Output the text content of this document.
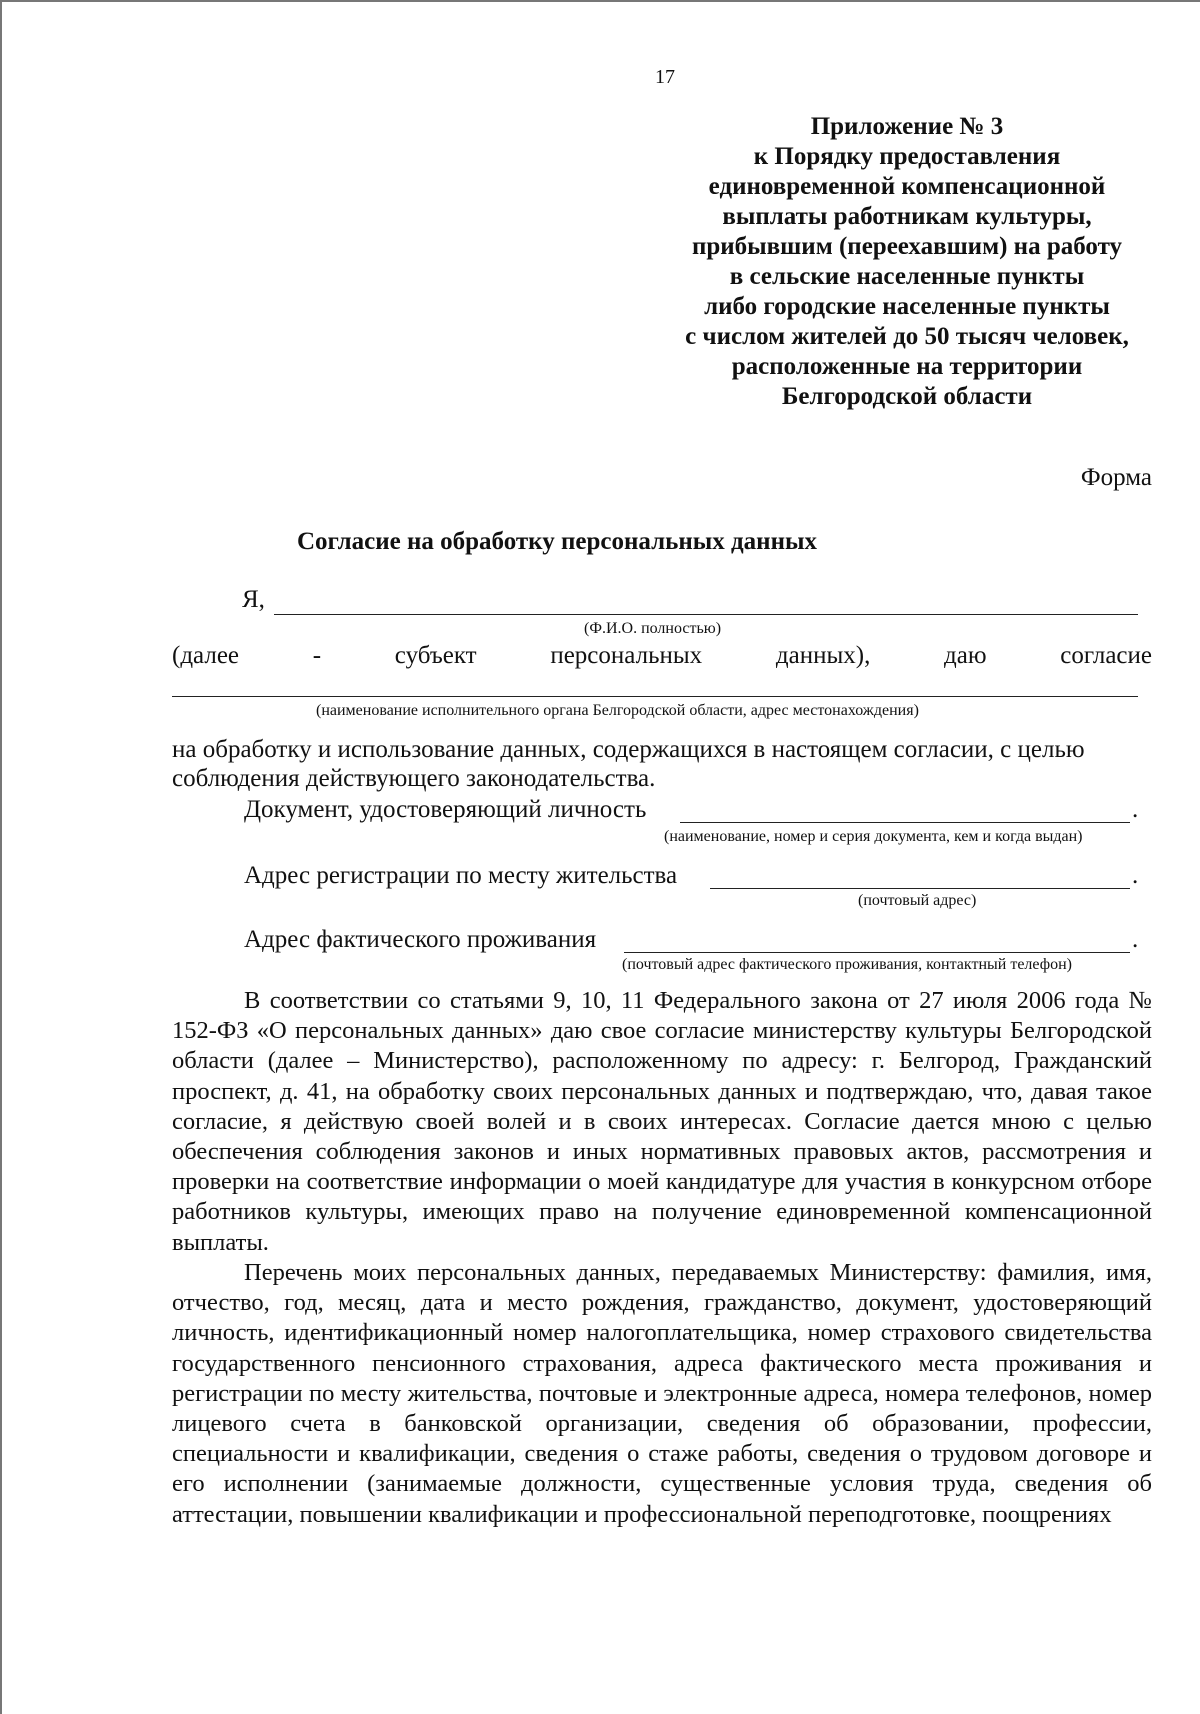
17
Приложение № 3
к Порядку предоставления
единовременной компенсационной
выплаты работникам культуры,
прибывшим (переехавшим) на работу
в сельские населенные пункты
либо городские населенные пункты
с числом жителей до 50 тысяч человек,
расположенные на территории
Белгородской области
Форма
Согласие на обработку персональных данных
Я,
(Ф.И.О. полностью)
(далее	-	субъект	персональных	данных),	даю	согласие
(наименование исполнительного органа Белгородской области, адрес местонахождения)
на обработку и использование данных, содержащихся в настоящем согласии, с целью
соблюдения действующего законодательства.
Документ, удостоверяющий личность	.
(наименование, номер и серия документа, кем и когда выдан)
Адрес регистрации по месту жительства	.
(почтовый адрес)
Адрес фактического проживания	.
(почтовый адрес фактического проживания, контактный телефон)
В соответствии со статьями 9, 10, 11 Федерального закона от 27 июля 2006 года № 152-ФЗ «О персональных данных» даю свое согласие министерству культуры Белгородской области (далее – Министерство), расположенному по адресу: г. Белгород, Гражданский проспект, д. 41, на обработку своих персональных данных и подтверждаю, что, давая такое согласие, я действую своей волей и в своих интересах. Согласие дается мною с целью обеспечения соблюдения законов и иных нормативных правовых актов, рассмотрения и проверки на соответствие информации о моей кандидатуре для участия в конкурсном отборе работников культуры, имеющих право на получение единовременной компенсационной выплаты.
Перечень моих персональных данных, передаваемых Министерству: фамилия, имя, отчество, год, месяц, дата и место рождения, гражданство, документ, удостоверяющий личность, идентификационный номер налогоплательщика, номер страхового свидетельства государственного пенсионного страхования, адреса фактического места проживания и регистрации по месту жительства, почтовые и электронные адреса, номера телефонов, номер лицевого счета в банковской организации, сведения об образовании, профессии, специальности и квалификации, сведения о стаже работы, сведения о трудовом договоре и его исполнении (занимаемые должности, существенные условия труда, сведения об аттестации, повышении квалификации и профессиональной переподготовке, поощрениях
